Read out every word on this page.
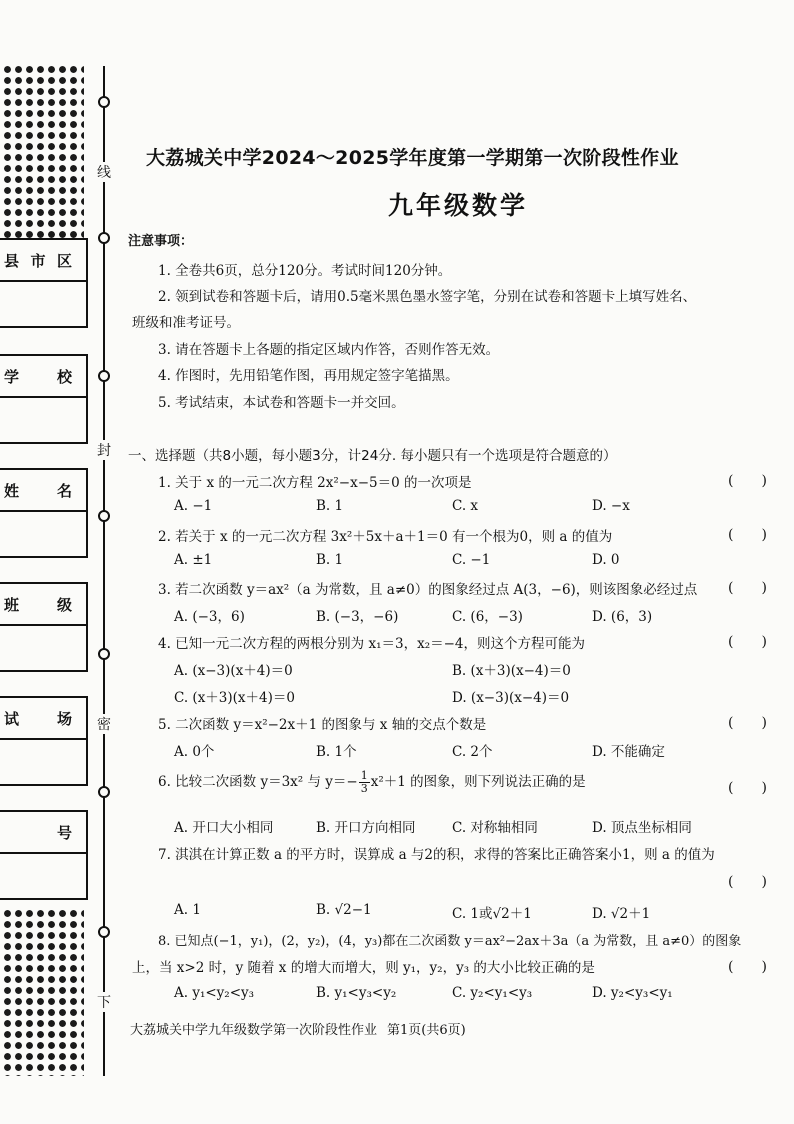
县 市 区
学	校
姓	名
班	级
试	场
号
线
封
密
下
大荔城关中学2024～2025学年度第一学期第一次阶段性作业
九年级数学
注意事项：
1. 全卷共6页，总分120分。考试时间120分钟。
2. 领到试卷和答题卡后，请用0.5毫米黑色墨水签字笔，分别在试卷和答题卡上填写姓名、
班级和准考证号。
3. 请在答题卡上各题的指定区域内作答，否则作答无效。
4. 作图时，先用铅笔作图，再用规定签字笔描黑。
5. 考试结束，本试卷和答题卡一并交回。
一、选择题（共8小题，每小题3分，计24分. 每小题只有一个选项是符合题意的）
1. 关于 x 的一元二次方程 2x²−x−5＝0 的一次项是	(　　)
A. −1	B. 1	C. x	D. −x
2. 若关于 x 的一元二次方程 3x²＋5x＋a＋1＝0 有一个根为0，则 a 的值为	(　　)
A. ±1	B. 1	C. −1	D. 0
3. 若二次函数 y＝ax²（a 为常数，且 a≠0）的图象经过点 A(3，−6)，则该图象必经过点 (　　)
A. (−3，6)	B. (−3，−6)	C. (6，−3)	D. (6，3)
4. 已知一元二次方程的两根分别为 x₁＝3，x₂＝−4，则这个方程可能为	(　　)
A. (x−3)(x＋4)＝0	B. (x＋3)(x−4)＝0
C. (x＋3)(x＋4)＝0	D. (x−3)(x−4)＝0
5. 二次函数 y＝x²−2x＋1 的图象与 x 轴的交点个数是	(　　)
A. 0个	B. 1个	C. 2个	D. 不能确定
6. 比较二次函数 y＝3x² 与 $y=- \frac{1}{3} x^2+1$ 的图象，则下列说法正确的是	(　　)
A. 开口大小相同	B. 开口方向相同	C. 对称轴相同	D. 顶点坐标相同
7. 淇淇在计算正数 a 的平方时，误算成 a 与2的积，求得的答案比正确答案小1，则 a 的值为
(　　)
A. 1	B. √2−1	C. 1或√2＋1	D. √2＋1
8. 已知点(−1，y₁)，(2，y₂)，(4，y₃)都在二次函数 y＝ax²−2ax＋3a（a 为常数，且 a≠0）的图象
上，当 x>2 时，y 随着 x 的增大而增大，则 y₁，y₂，y₃ 的大小比较正确的是	(　　)
A. y₁<y₂<y₃	B. y₁<y₃<y₂	C. y₂<y₁<y₃	D. y₂<y₃<y₁
大荔城关中学九年级数学第一次阶段性作业 第1页(共6页)
